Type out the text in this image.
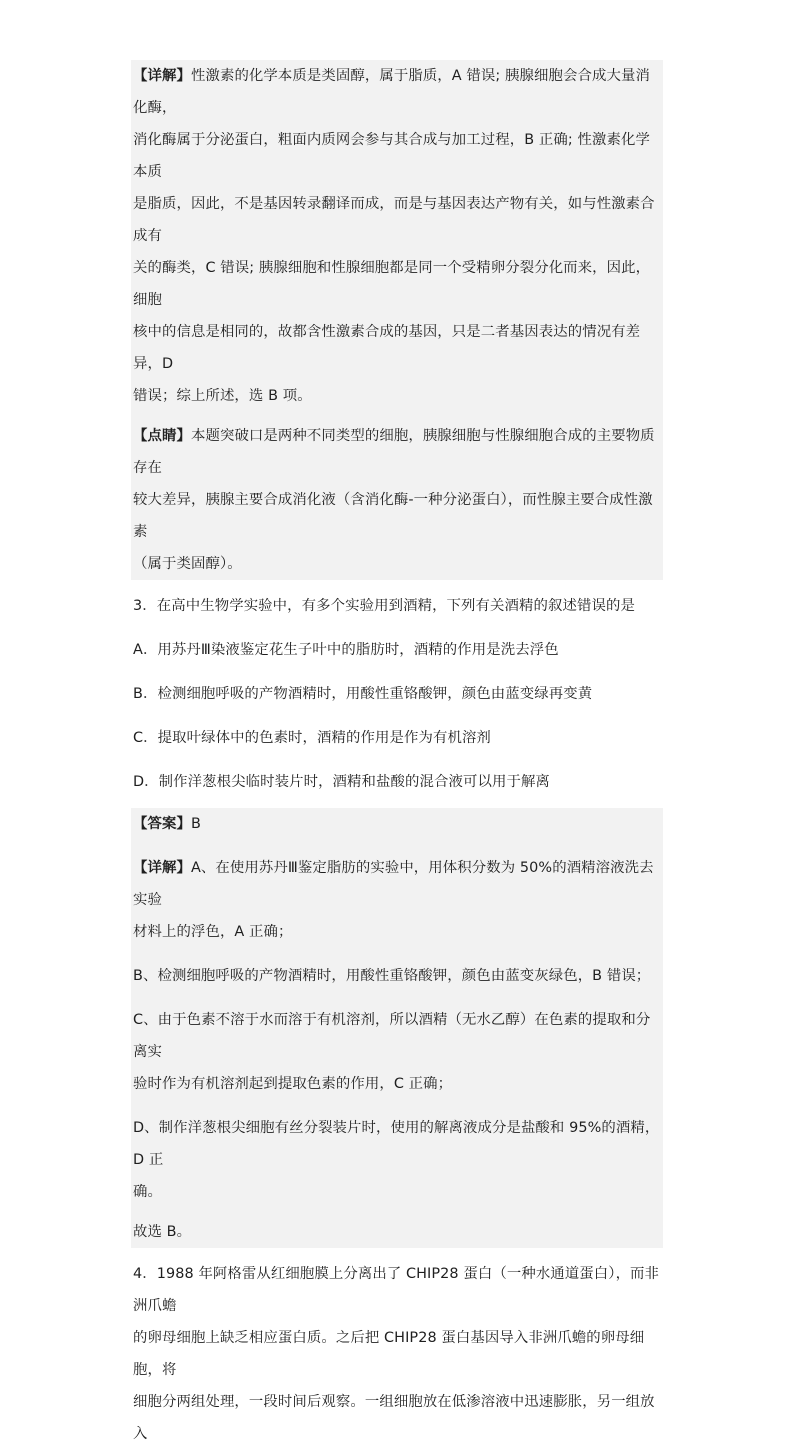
【详解】性激素的化学本质是类固醇，属于脂质，A 错误; 胰腺细胞会合成大量消化酶，

消化酶属于分泌蛋白，粗面内质网会参与其合成与加工过程，B 正确; 性激素化学本质

是脂质，因此，不是基因转录翻译而成，而是与基因表达产物有关，如与性激素合成有

关的酶类，C 错误; 胰腺细胞和性腺细胞都是同一个受精卵分裂分化而来，因此，细胞

核中的信息是相同的，故都含性激素合成的基因，只是二者基因表达的情况有差异，D

错误；综上所述，选 B 项。

【点睛】本题突破口是两种不同类型的细胞，胰腺细胞与性腺细胞合成的主要物质存在

较大差异，胰腺主要合成消化液（含消化酶-一种分泌蛋白），而性腺主要合成性激素

（属于类固醇）。

3．在高中生物学实验中，有多个实验用到酒精，下列有关酒精的叙述错误的是

A．用苏丹Ⅲ染液鉴定花生子叶中的脂肪时，酒精的作用是洗去浮色

B．检测细胞呼吸的产物酒精时，用酸性重铬酸钾，颜色由蓝变绿再变黄

C．提取叶绿体中的色素时，酒精的作用是作为有机溶剂

D．制作洋葱根尖临时装片时，酒精和盐酸的混合液可以用于解离

【答案】B

【详解】A、在使用苏丹Ⅲ鉴定脂肪的实验中，用体积分数为 50%的酒精溶液洗去实验

材料上的浮色，A 正确；

B、检测细胞呼吸的产物酒精时，用酸性重铬酸钾，颜色由蓝变灰绿色，B 错误；

C、由于色素不溶于水而溶于有机溶剂，所以酒精（无水乙醇）在色素的提取和分离实

验时作为有机溶剂起到提取色素的作用，C 正确；

D、制作洋葱根尖细胞有丝分裂装片时，使用的解离液成分是盐酸和 95%的酒精，D 正

确。

故选 B。

4．1988 年阿格雷从红细胞膜上分离出了 CHIP28 蛋白（一种水通道蛋白），而非洲爪蟾

的卵母细胞上缺乏相应蛋白质。之后把 CHIP28 蛋白基因导入非洲爪蟾的卵母细胞，将

细胞分两组处理，一段时间后观察。一组细胞放在低渗溶液中迅速膨胀，另一组放入
